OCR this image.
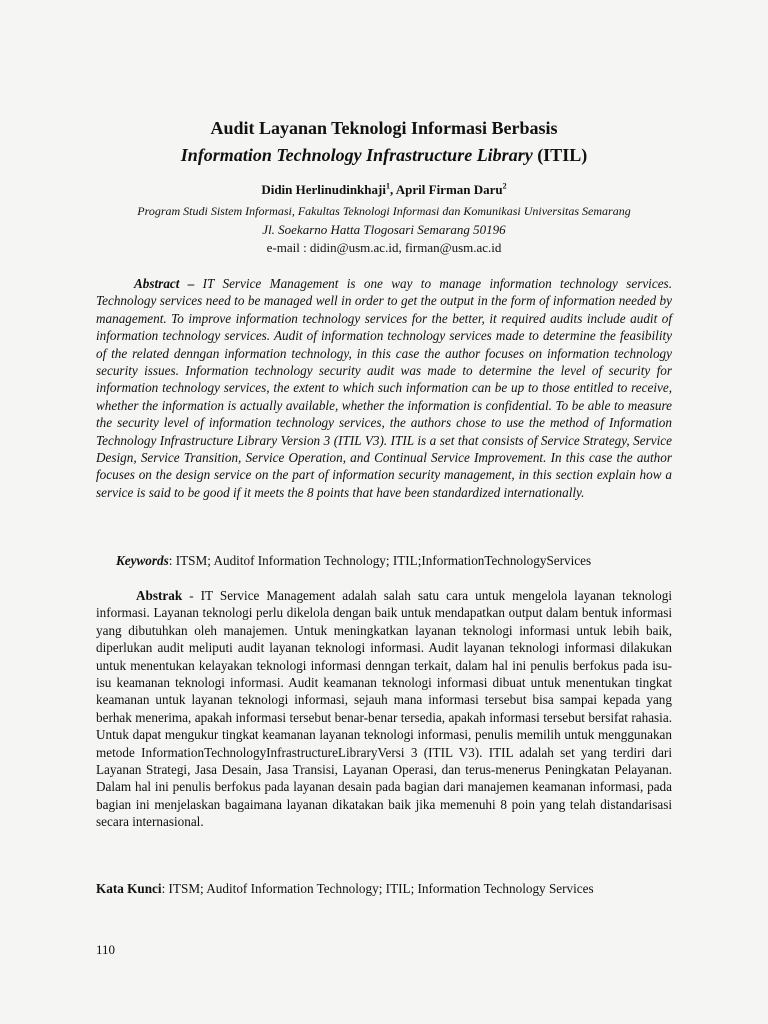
Audit Layanan Teknologi Informasi Berbasis
Information Technology Infrastructure Library (ITIL)
Didin Herlinudinkhaji$^1$, April Firman Daru$^2$
Program Studi Sistem Informasi, Fakultas Teknologi Informasi dan Komunikasi Universitas Semarang
Jl. Soekarno Hatta Tlogosari Semarang 50196
e-mail : didin@usm.ac.id, firman@usm.ac.id

Abstract – IT Service Management is one way to manage information technology services. Technology services need to be managed well in order to get the output in the form of information needed by management. To improve information technology services for the better, it required audits include audit of information technology services. Audit of information technology services made to determine the feasibility of the related denngan information technology, in this case the author focuses on information technology security issues. Information technology security audit was made to determine the level of security for information technology services, the extent to which such information can be up to those entitled to receive, whether the information is actually available, whether the information is confidential. To be able to measure the security level of information technology services, the authors chose to use the method of Information Technology Infrastructure Library Version 3 (ITIL V3). ITIL is a set that consists of Service Strategy, Service Design, Service Transition, Service Operation, and Continual Service Improvement. In this case the author focuses on the design service on the part of information security management, in this section explain how a service is said to be good if it meets the 8 points that have been standardized internationally.

Keywords: ITSM; Auditof Information Technology; ITIL;InformationTechnologyServices

Abstrak - IT Service Management adalah salah satu cara untuk mengelola layanan teknologi informasi. Layanan teknologi perlu dikelola dengan baik untuk mendapatkan output dalam bentuk informasi yang dibutuhkan oleh manajemen. Untuk meningkatkan layanan teknologi informasi untuk lebih baik, diperlukan audit meliputi audit layanan teknologi informasi. Audit layanan teknologi informasi dilakukan untuk menentukan kelayakan teknologi informasi denngan terkait, dalam hal ini penulis berfokus pada isu-isu keamanan teknologi informasi. Audit keamanan teknologi informasi dibuat untuk menentukan tingkat keamanan untuk layanan teknologi informasi, sejauh mana informasi tersebut bisa sampai kepada yang berhak menerima, apakah informasi tersebut benar-benar tersedia, apakah informasi tersebut bersifat rahasia. Untuk dapat mengukur tingkat keamanan layanan teknologi informasi, penulis memilih untuk menggunakan metode InformationTechnologyInfrastructureLibraryVersi 3 (ITIL V3). ITIL adalah set yang terdiri dari Layanan Strategi, Jasa Desain, Jasa Transisi, Layanan Operasi, dan terus-menerus Peningkatan Pelayanan. Dalam hal ini penulis berfokus pada layanan desain pada bagian dari manajemen keamanan informasi, pada bagian ini menjelaskan bagaimana layanan dikatakan baik jika memenuhi 8 poin yang telah distandarisasi secara internasional.

Kata Kunci: ITSM; Auditof Information Technology; ITIL; Information Technology Services

110
